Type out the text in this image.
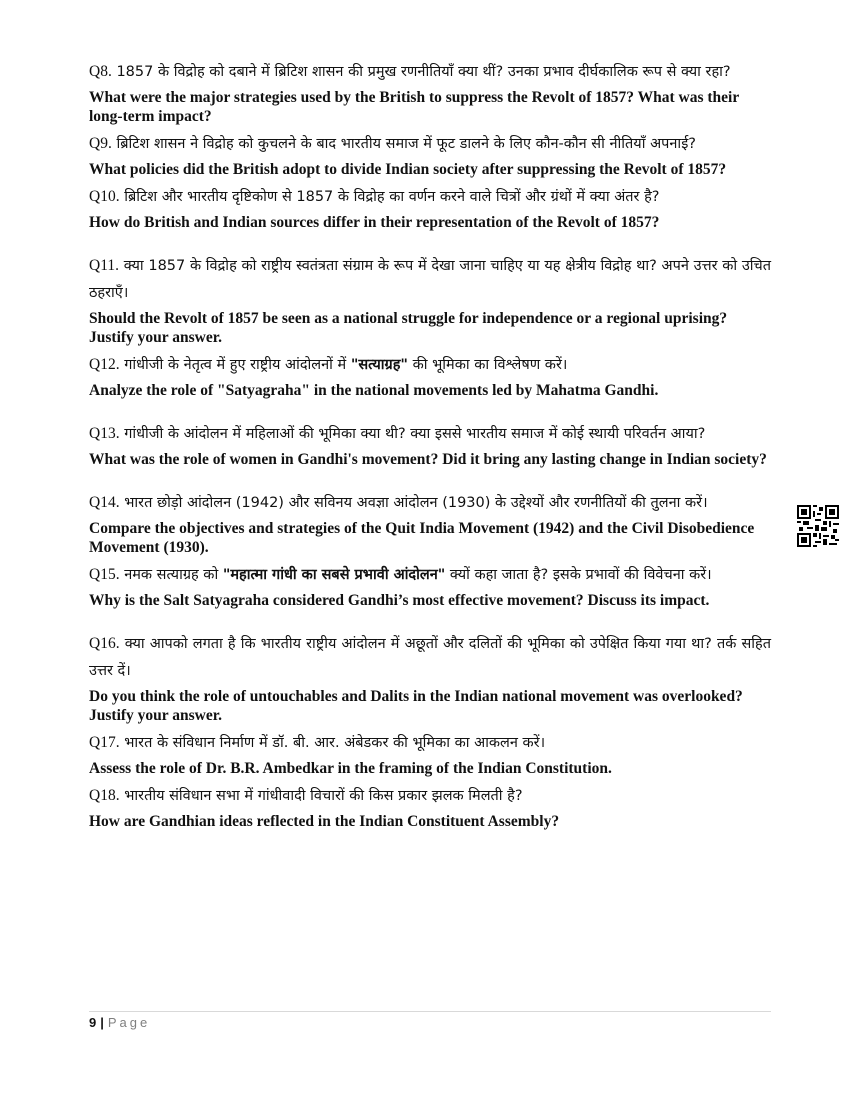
Q8. 1857 के विद्रोह को दबाने में ब्रिटिश शासन की प्रमुख रणनीतियाँ क्या थीं? उनका प्रभाव दीर्घकालिक रूप से क्या रहा?

What were the major strategies used by the British to suppress the Revolt of 1857? What was their long-term impact?

Q9. ब्रिटिश शासन ने विद्रोह को कुचलने के बाद भारतीय समाज में फूट डालने के लिए कौन-कौन सी नीतियाँ अपनाई?

What policies did the British adopt to divide Indian society after suppressing the Revolt of 1857?

Q10. ब्रिटिश और भारतीय दृष्टिकोण से 1857 के विद्रोह का वर्णन करने वाले चित्रों और ग्रंथों में क्या अंतर है?

How do British and Indian sources differ in their representation of the Revolt of 1857?

Q11. क्या 1857 के विद्रोह को राष्ट्रीय स्वतंत्रता संग्राम के रूप में देखा जाना चाहिए या यह क्षेत्रीय विद्रोह था? अपने उत्तर को उचित ठहराएँ।

Should the Revolt of 1857 be seen as a national struggle for independence or a regional uprising? Justify your answer.

Q12. गांधीजी के नेतृत्व में हुए राष्ट्रीय आंदोलनों में "सत्याग्रह" की भूमिका का विश्लेषण करें।

Analyze the role of "Satyagraha" in the national movements led by Mahatma Gandhi.

Q13. गांधीजी के आंदोलन में महिलाओं की भूमिका क्या थी? क्या इससे भारतीय समाज में कोई स्थायी परिवर्तन आया?

What was the role of women in Gandhi's movement? Did it bring any lasting change in Indian society?

Q14. भारत छोड़ो आंदोलन (1942) और सविनय अवज्ञा आंदोलन (1930) के उद्देश्यों और रणनीतियों की तुलना करें।

Compare the objectives and strategies of the Quit India Movement (1942) and the Civil Disobedience Movement (1930).

Q15. नमक सत्याग्रह को "महात्मा गांधी का सबसे प्रभावी आंदोलन" क्यों कहा जाता है? इसके प्रभावों की विवेचना करें।

Why is the Salt Satyagraha considered Gandhi’s most effective movement? Discuss its impact.

Q16. क्या आपको लगता है कि भारतीय राष्ट्रीय आंदोलन में अछूतों और दलितों की भूमिका को उपेक्षित किया गया था? तर्क सहित उत्तर दें।

Do you think the role of untouchables and Dalits in the Indian national movement was overlooked? Justify your answer.

Q17. भारत के संविधान निर्माण में डॉ. बी. आर. अंबेडकर की भूमिका का आकलन करें।

Assess the role of Dr. B.R. Ambedkar in the framing of the Indian Constitution.

Q18. भारतीय संविधान सभा में गांधीवादी विचारों की किस प्रकार झलक मिलती है?

How are Gandhian ideas reflected in the Indian Constituent Assembly?

9 | Page
